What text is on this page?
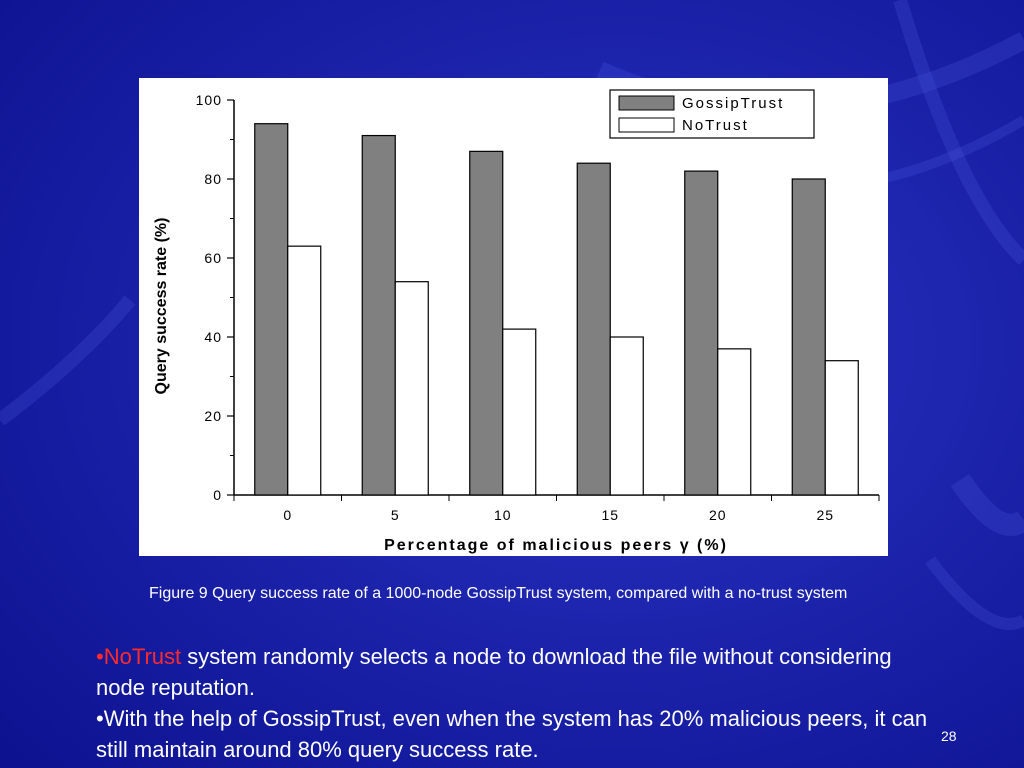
0
20
40
60
80
100
0	5	10	15	20	25
Query success rate (%)
Percentage of malicious peers γ (%)
GossipTrust
NoTrust
Figure 9 Query success rate of a 1000-node GossipTrust system, compared with a no-trust system

•NoTrust system randomly selects a node to download the file without considering node reputation.

•With the help of GossipTrust, even when the system has 20% malicious peers, it can still maintain around 80% query success rate.

28
